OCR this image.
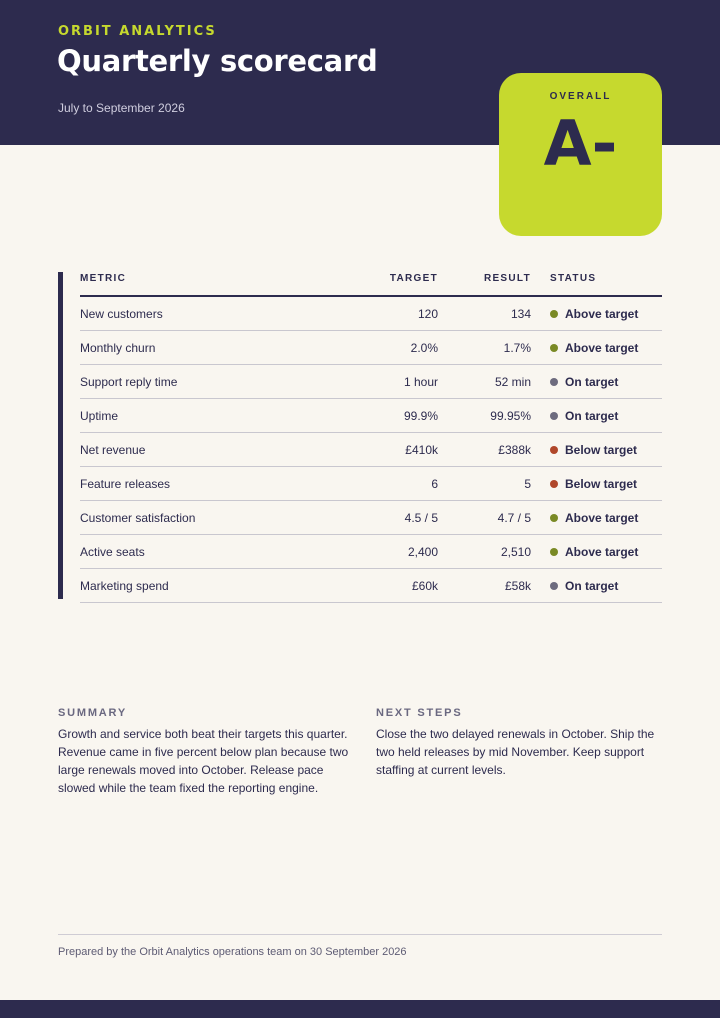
ORBIT ANALYTICS
Quarterly scorecard
July to September 2026
OVERALL
A-
METRIC	TARGET	RESULT STATUS
New customers	120	134	Above target
Monthly churn	2.0%	1.7%	Above target
Support reply time	1 hour	52 min	On target
Uptime	99.9%	99.95%	On target
Net revenue	£410k	£388k	Below target
Feature releases	6	5	Below target
Customer satisfaction	4.5 / 5	4.7 / 5	Above target
Active seats	2,400	2,510	Above target
Marketing spend	£60k	£58k	On target
SUMMARY
Growth and service both beat their targets this quarter. Revenue came in five percent below plan because two large renewals moved into October. Release pace slowed while the team fixed the reporting engine.
NEXT STEPS
Close the two delayed renewals in October. Ship the two held releases by mid November. Keep support staffing at current levels.
Prepared by the Orbit Analytics operations team on 30 September 2026
